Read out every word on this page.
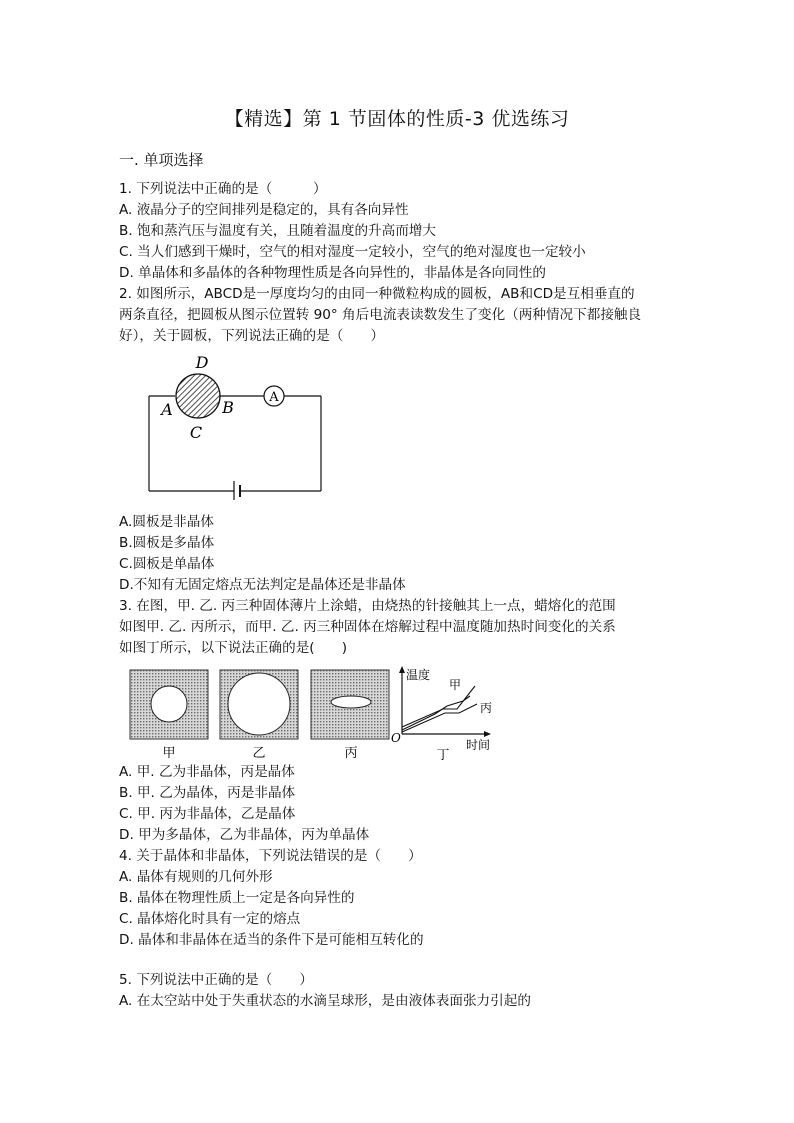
【精选】第 1 节固体的性质-3 优选练习
一. 单项选择
1. 下列说法中正确的是（　　　）
A. 液晶分子的空间排列是稳定的，具有各向异性
B. 饱和蒸汽压与温度有关，且随着温度的升高而增大
C. 当人们感到干燥时，空气的相对湿度一定较小，空气的绝对湿度也一定较小
D. 单晶体和多晶体的各种物理性质是各向异性的，非晶体是各向同性的
2. 如图所示，ABCD是一厚度均匀的由同一种微粒构成的圆板，AB和CD是互相垂直的
两条直径，把圆板从图示位置转 90° 角后电流表读数发生了变化（两种情况下都接触良
好），关于圆板，下列说法正确的是（　　）
A
D
A	B
C
A.圆板是非晶体
B.圆板是多晶体
C.圆板是单晶体
D.不知有无固定熔点无法判定是晶体还是非晶体
3. 在图，甲. 乙. 丙三种固体薄片上涂蜡，由烧热的针接触其上一点，蜡熔化的范围
如图甲. 乙. 丙所示，而甲. 乙. 丙三种固体在熔解过程中温度随加热时间变化的关系
如图丁所示，以下说法正确的是(　　)
温度
甲
丙
O	时间
甲	乙	丙	丁
A. 甲. 乙为非晶体，丙是晶体
B. 甲. 乙为晶体，丙是非晶体
C. 甲. 丙为非晶体，乙是晶体
D. 甲为多晶体，乙为非晶体，丙为单晶体
4. 关于晶体和非晶体，下列说法错误的是（　　）
A. 晶体有规则的几何外形
B. 晶体在物理性质上一定是各向异性的
C. 晶体熔化时具有一定的熔点
D. 晶体和非晶体在适当的条件下是可能相互转化的
5. 下列说法中正确的是（　　）
A. 在太空站中处于失重状态的水滴呈球形，是由液体表面张力引起的
